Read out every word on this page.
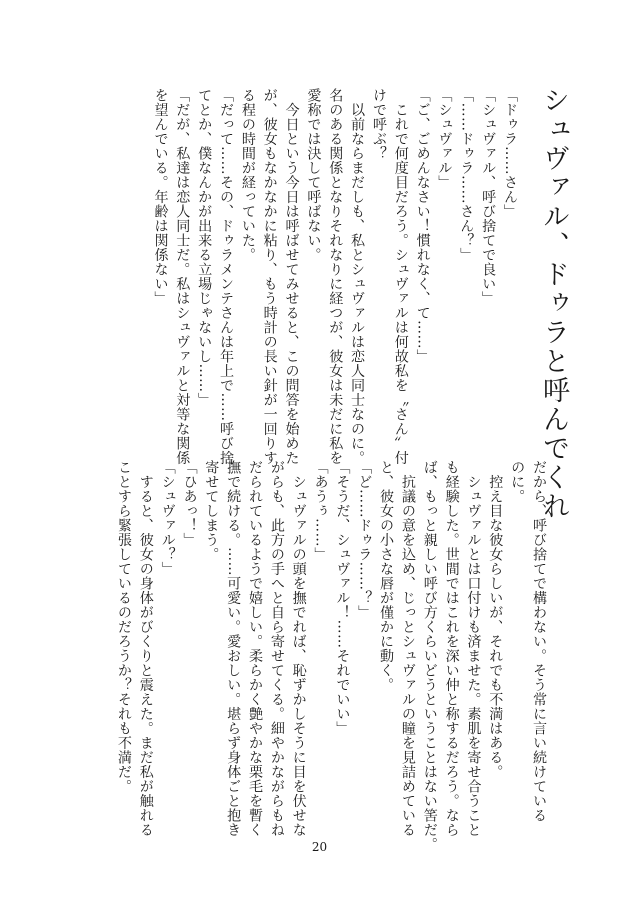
シュヴァル、ドゥラと呼んでくれ
「ドゥラ……さん」
「シュヴァル、呼び捨てで良い」
「……ドゥラ……さん？」
「シュヴァル」
「ご、ごめんなさい！慣れなく、て……」
　これで何度目だろう。シュヴァルは何故私を〝さん〟付
けで呼ぶ？
　以前ならまだしも、私とシュヴァルは恋人同士なのに。
名のある関係となりそれなりに経つが、彼女は未だに私を
愛称では決して呼ばない。
　今日という今日は呼ばせてみせると、この問答を始めた
が、彼女もなかなかに粘り、もう時計の長い針が一回りす
る程の時間が経っていた。
「だって……その、ドゥラメンテさんは年上で……呼び捨
てとか、僕なんかが出来る立場じゃないし……」
「だが、私達は恋人同士だ。私はシュヴァルと対等な関係
を望んでいる。年齢は関係ない」
だから、呼び捨てで構わない。そう常に言い続けている
のに。
　控え目な彼女らしいが、それでも不満はある。
　シュヴァルとは口付けも済ませた。素肌を寄せ合うこと
も経験した。世間ではこれを深い仲と称するだろう。なら
ば、もっと親しい呼び方くらいどうということはない筈だ。
　抗議の意を込め、じっとシュヴァルの瞳を見詰めている
と、彼女の小さな唇が僅かに動く。
「ど……ドゥラ……？」
「そうだ、シュヴァル！……それでいい」
「あうぅ……」
　シュヴァルの頭を撫でれば、恥ずかしそうに目を伏せな
がらも、此方の手へと自ら寄せてくる。細やかながらもね
だられているようで嬉しい。柔らかく艶やかな栗毛を暫く
撫で続ける。……可愛い。愛おしい。堪らず身体ごと抱き
寄せてしまう。
「ひあっ！」
「シュヴァル？」
　すると、彼女の身体がびくりと震えた。まだ私が触れる
ことすら緊張しているのだろうか？それも不満だ。
20
